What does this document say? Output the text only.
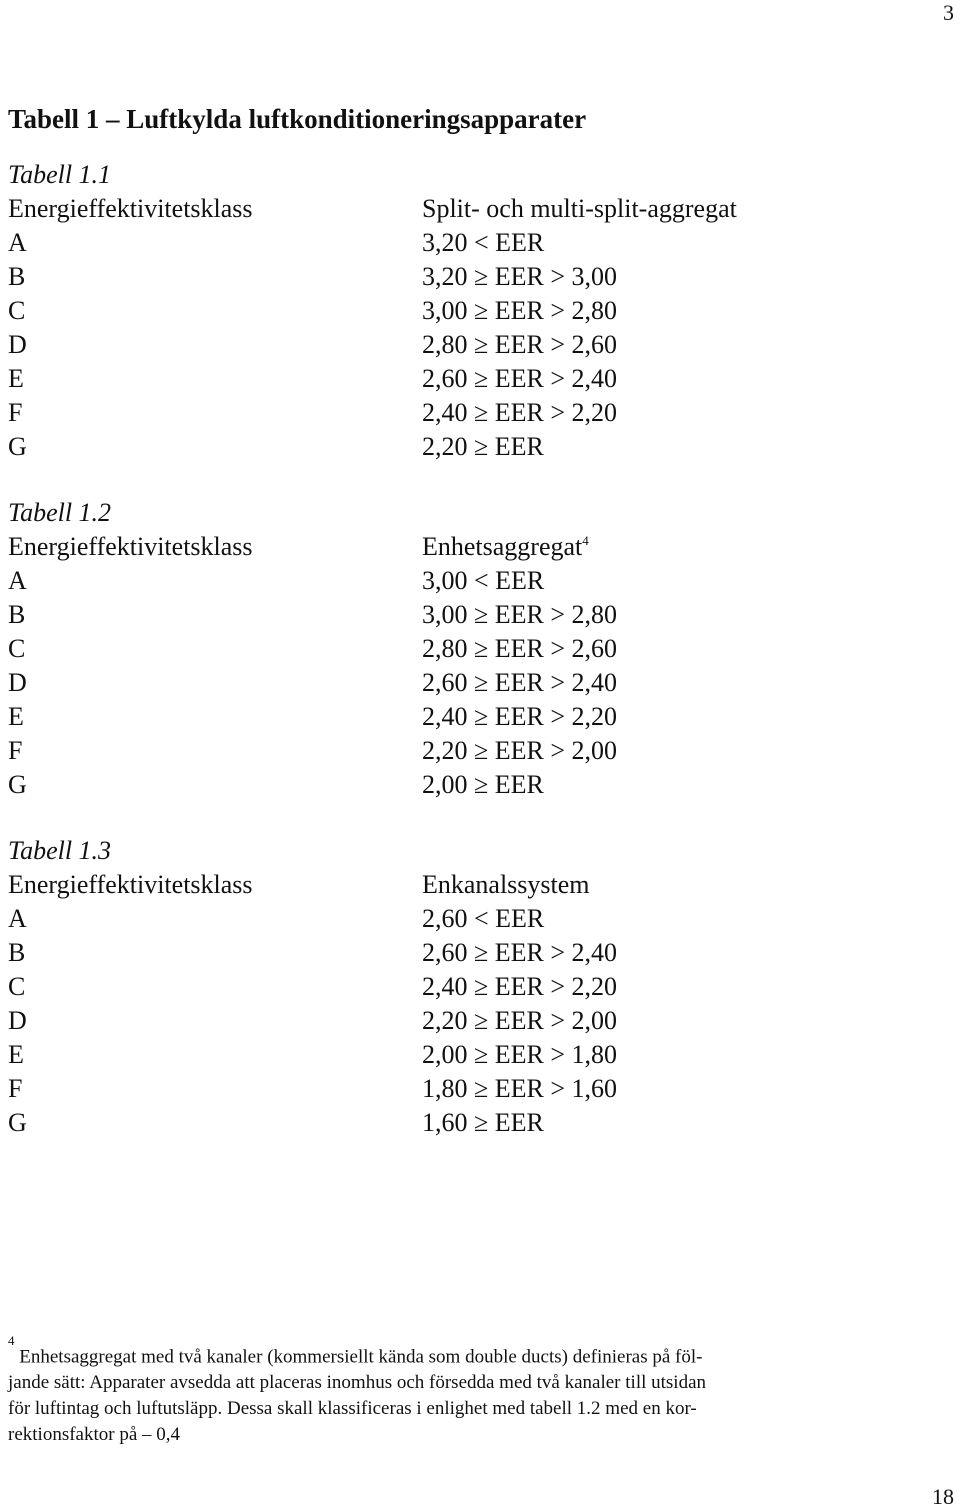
3
Tabell 1 – Luftkylda luftkonditioneringsapparater
Tabell 1.1
Energieffektivitetsklass	Split- och multi-split-aggregat
A	3,20 < EER
B	3,20 ≥ EER > 3,00
C	3,00 ≥ EER > 2,80
D	2,80 ≥ EER > 2,60
E	2,60 ≥ EER > 2,40
F	2,40 ≥ EER > 2,20
G	2,20 ≥ EER
Tabell 1.2
Energieffektivitetsklass	Enhetsaggregat$^4$
A	3,00 < EER
B	3,00 ≥ EER > 2,80
C	2,80 ≥ EER > 2,60
D	2,60 ≥ EER > 2,40
E	2,40 ≥ EER > 2,20
F	2,20 ≥ EER > 2,00
G	2,00 ≥ EER
Tabell 1.3
Energieffektivitetsklass	Enkanalssystem
A	2,60 < EER
B	2,60 ≥ EER > 2,40
C	2,40 ≥ EER > 2,20
D	2,20 ≥ EER > 2,00
E	2,00 ≥ EER > 1,80
F	1,80 ≥ EER > 1,60
G	1,60 ≥ EER
$^4$ Enhetsaggregat med två kanaler (kommersiellt kända som double ducts) definieras på föl-
jande sätt: Apparater avsedda att placeras inomhus och försedda med två kanaler till utsidan
för luftintag och luftutsläpp. Dessa skall klassificeras i enlighet med tabell 1.2 med en kor-
rektionsfaktor på – 0,4
18
